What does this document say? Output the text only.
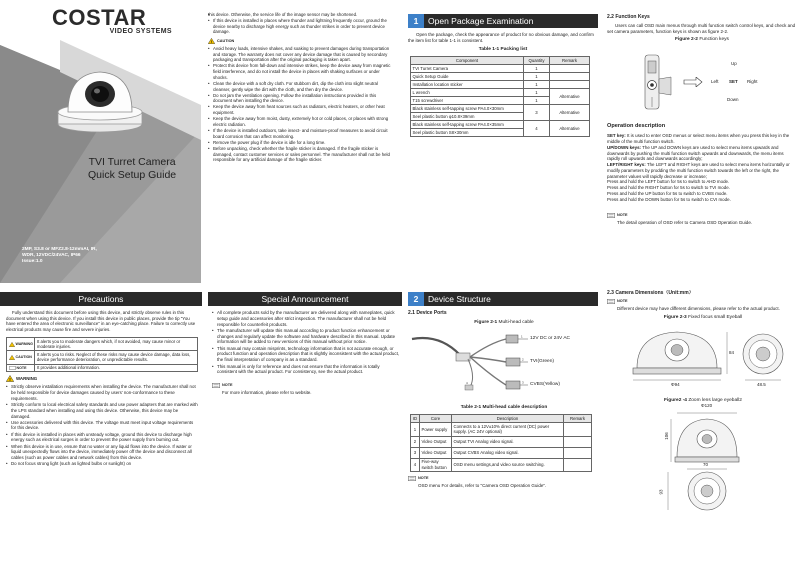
COSTAR
VIDEO SYSTEMS
TVI Turret Camera
Quick Setup Guide
2MP, S3.8 or MFZ2.8-12mmAI, IR,
WDR, 12VDC/24VAC, IP66
Issue:1.0
• this device. Otherwise, the service life of the image sensor may be shortened.
• If this device is installed in places where thunder and lightning frequently occur, ground the device nearby to discharge high energy such as thunder strikes in order to prevent device damage.
! CAUTION
• Avoid heavy loads, intensive shakes, and soaking to prevent damages during transportation and storage. The warranty does not cover any device damage that is caused by secondary packaging and transportation after the original packaging is taken apart.
• Protect this device from fall-down and intensive strikes, keep the device away from magnetic field interference, and do not install the device in places with shaking surfaces or under shocks.
• Clean the device with a soft dry cloth. For stubborn dirt, dip the cloth into slight neutral cleanser, gently wipe the dirt with the cloth, and then dry the device.
• Do not jam the ventilation opening. Follow the installation instructions provided in this document when installing the device.
• Keep the device away from heat sources such as radiators, electric heaters, or other heat equipment.
• Keep the device away from moist, dusty, extremely hot or cold places, or places with strong electric radiation.
• If the device is installed outdoors, take insect- and moisture-proof measures to avoid circuit board corrosion that can affect monitoring.
• Remove the power plug if the device is idle for a long time.
• Before unpacking, check whether the fragile sticker is damaged. If the fragile sticker is damaged, contact customer services or sales personnel. The manufacturer shall not be held responsible for any artificial damage of the fragile sticker.
1 Open Package Examination

Open the package, check the appearance of product for no obvious damage, and confirm the item list for table 1-1 is consistent.

Table 1-1 Packing list
Component	Quantity	Remark
TVI Turret Camera	1	
Quick Setup Guide	1	
Installation location sticker	1	
L wrench	1	Alternative
T15 screwdriver	1	
Black stainless self-tapping screw PA4.0×30mm	3	Alternative
Seel plastic button φ10.8×39mm		
Black stainless self-tapping screw PA4.0×35mm	4	Alternative
Seel plastic button S8×30mm		
2.2 Function Keys

Users can call OSD main menus through multi function switch control keys, and check and set camera parameters, function keys is shown as figure 2-2.

Figure 2-2 Function keys
Up
Left SET Right
Down
Operation description

SET key: It is used to enter OSD menus or select menu items when you press this key in the middle of the multi function switch.

UP/DOWN keys: The UP and DOWN keys are used to select menu items upwards and downwards by pushing the multi function switch upwards and downwards, the menu items rapidly roll upwards and downwards accordingly;

LEFT/RIGHT keys: The LEFT and RIGHT keys are used to select menu items horizontally or modify parameters by prodding the multi function switch towards the left or the right, the parameter values will rapidly decrease or increase;

Press and hold the LEFT button for 5s to switch to AHD mode.

Press and hold the RIGHT button for 5s to switch to TVI mode.

Press and hold the UP button for 5s to switch to CVBS mode.

Press and hold the DOWN button for 5s to switch to CVI mode.

NOTE

The detail operation of OSD refer to Camera OSD Operation Guide.

Precautions

Fully understand this document before using this device, and strictly observe rules in this document when using this device. If you install this device in public places, provide the tip "You have entered the area of electronic surveillance" in an eye-catching place. Failure to correctly use electrical products may cause fire and severe injuries.

WARNING	It alerts you to moderate dangers which, if not avoided, may cause minor or moderate injuries.

CAUTION	It alerts you to risks. Neglect of these risks may cause device damage, data loss, device performance deterioration, or unpredictable results.

NOTE	It provides additional information.
! WARNING
• Strictly observe installation requirements when installing the device. The manufacturer shall not be held responsible for device damages caused by users' non-conformance to these requirements.
• Strictly conform to local electrical safety standards and use power adapters that are marked with the LPS standard when installing and using this device. Otherwise, this device may be damaged.
• Use accessories delivered with this device. The voltage must meet input voltage requirements for this device.
• If this device is installed in places with unsteady voltage, ground this device to discharge high energy such as electrical surges in order to prevent the power supply from burning out.
• When this device is in use, ensure that no water or any liquid flows into the device. If water or liquid unexpectedly flows into the device, immediately power off the device and disconnect all cables (such as power cables and network cables) from this device.
• Do not focus strong light (such as lighted bulbs or sunlight) on
Special Announcement
• All complete products sold by the manufacturer are delivered along with nameplates, quick setup guide and accessories after strict inspection. The manufacturer shall not be held responsible for counterfeit products.
• The manufacturer will update this manual according to product function enhancement or changes and regularly update the software and hardware described in this manual. Update information will be added to new versions of this manual without prior notice.
• This manual may contain misprints, technology information that is not accurate enough, or product function and operation description that is slightly inconsistent with the actual product, the final interpretation of company is as a standard.
• This manual is only for reference and does not ensure that the information is totally consistent with the actual product. For consistency, see the actual product.
NOTE

For more information, please refer to website.

2 Device Structure
2.1 Device Ports
Figure 2-1 Multi-head cable
1
2
3
4
12V DC or 24V AC
TVI(Green)
CVBS(Yellow)
Table 2-1 Multi-head cable description
ID	Core	Description	Remark
1	Power supply	Connects to a 12V±10% direct current (DC) power supply. (AC 24V optional)	
2	Video Output	Output TVI Analog video signal.	
3	Video Output	Output CVBS Analog video signal.	
4	Five-way switch button	OSD menu settings,and video source switching.	
NOTE

OSD menu For details, refer to "Camera OSD Operation Guide".

2.3 Camera Dimensions（Unit:mm）
NOTE

Different device may have different dimensions, please refer to the actual product.

Figure 2-3 Fixed focus small Eyeball
Φ94
84
48.5
Figure2 -4 Zoom lens large eyeball2
Φ120
106
70
93
